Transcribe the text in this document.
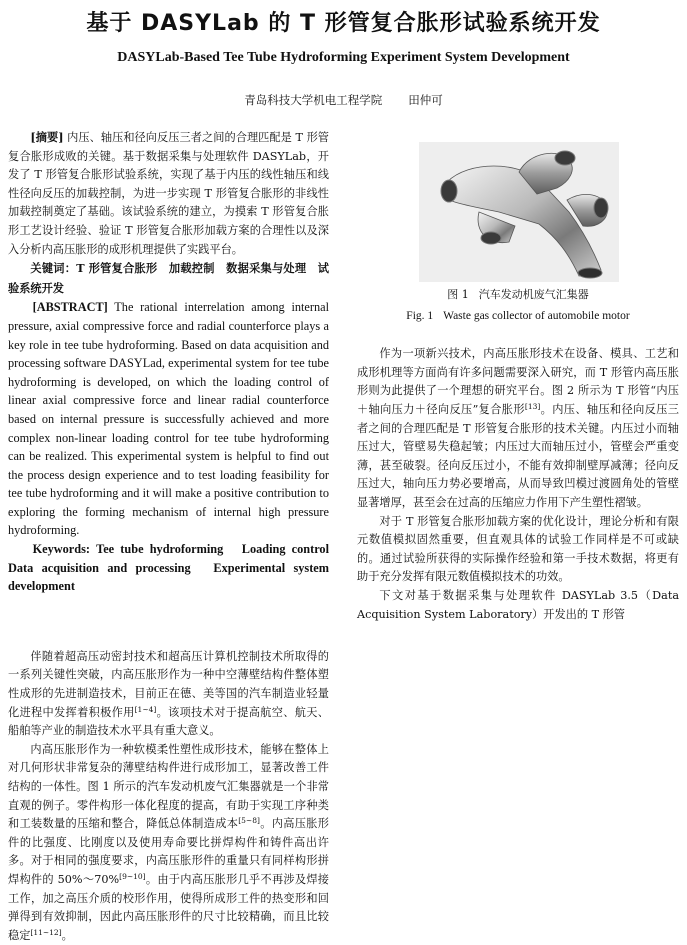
基于 DASYLab 的 T 形管复合胀形试验系统开发
DASYLab-Based Tee Tube Hydroforming Experiment System Development
青岛科技大学机电工程学院 田仲可

[摘要] 内压、轴压和径向反压三者之间的合理匹配是 T 形管复合胀形成败的关键。基于数据采集与处理软件 DASYLab，开发了 T 形管复合胀形试验系统，实现了基于内压的线性轴压和线性径向反压的加载控制，为进一步实现 T 形管复合胀形的非线性加载控制奠定了基础。该试验系统的建立，为摸索 T 形管复合胀形工艺设计经验、验证 T 形管复合胀形加载方案的合理性以及深入分析内高压胀形的成形机理提供了实践平台。

关键词：T 形管复合胀形　加载控制　数据采集与处理　试验系统开发

[ABSTRACT] The rational interrelation among internal pressure, axial compressive force and radial counterforce plays a key role in tee tube hydroforming. Based on data acquisition and processing software DASYLad, experimental system for tee tube hydroforming is developed, on which the loading control of linear axial compressive force and linear radial counterforce based on internal pressure is successfully achieved and more complex non-linear loading control for tee tube hydroforming can be realized. This experimental system is helpful to find out the process design experience and to test loading feasibility for tee tube hydroforming and it will make a positive contribution to exploring the forming mechanism of internal high pressure hydroforming.

Keywords: Tee tube hydroforming　Loading control　Data acquisition and processing　Experimental system development

伴随着超高压动密封技术和超高压计算机控制技术所取得的一系列关键性突破，内高压胀形作为一种中空薄壁结构件整体塑性成形的先进制造技术，目前正在德、美等国的汽车制造业轻量化进程中发挥着积极作用[1~4]。该项技术对于提高航空、航天、船舶等产业的制造技术水平具有重大意义。

内高压胀形作为一种软模柔性塑性成形技术，能够在整体上对几何形状非常复杂的薄壁结构件进行成形加工，显著改善工件结构的一体性。图 1 所示的汽车发动机废气汇集器就是一个非常直观的例子。零件构形一体化程度的提高，有助于实现工序种类和工装数量的压缩和整合，降低总体制造成本[5~8]。内高压胀形件的比强度、比刚度以及使用寿命要比拼焊构件和铸件高出许多。对于相同的强度要求，内高压胀形件的重量只有同样构形拼焊构件的 50%～70%[9~10]。由于内高压胀形几乎不再涉及焊接工作，加之高压介质的校形作用，使得所成形工件的热变形和回弹得到有效抑制，因此内高压胀形件的尺寸比较精确，而且比较稳定[11~12]。

图 1 汽车发动机废气汇集器
Fig. 1 Waste gas collector of automobile motor

作为一项新兴技术，内高压胀形技术在设备、模具、工艺和成形机理等方面尚有许多问题需要深入研究，而 T 形管内高压胀形则为此提供了一个理想的研究平台。图 2 所示为 T 形管“内压＋轴向压力＋径向反压”复合胀形[13]。内压、轴压和径向反压三者之间的合理匹配是 T 形管复合胀形的技术关键。内压过小而轴压过大，管壁易失稳起皱；内压过大而轴压过小，管壁会严重变薄，甚至破裂。径向反压过小，不能有效抑制壁厚减薄；径向反压过大，轴向压力势必要增高，从而导致凹模过渡圆角处的管壁显著增厚，甚至会在过高的压缩应力作用下产生塑性褶皱。

对于 T 形管复合胀形加载方案的优化设计，理论分析和有限元数值模拟固然重要，但直观具体的试验工作同样是不可或缺的。通过试验所获得的实际操作经验和第一手技术数据，将更有助于充分发挥有限元数值模拟技术的功效。

下文对基于数据采集与处理软件 DASYLab 3.5（Data Acquisition System Laboratory）开发出的 T 形管
